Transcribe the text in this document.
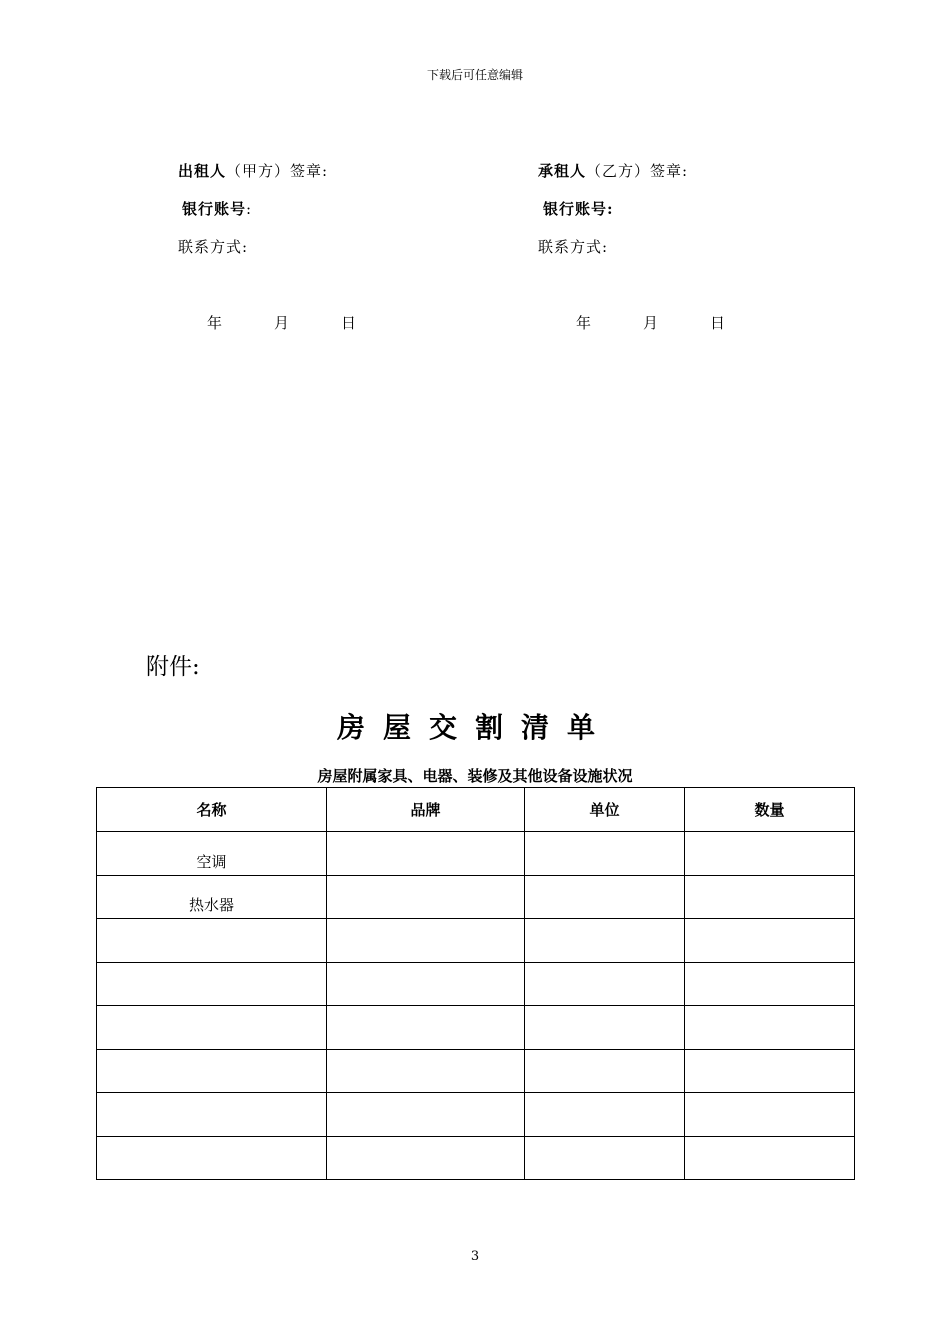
下载后可任意编辑
出租人（甲方）签章:
银行账号:
联系方式:
年	月	日
承租人（乙方）签章:
银行账号:
联系方式:
年	月	日
附件:
房屋交割清单
房屋附属家具、电器、装修及其他设备设施状况
名称	品牌	单位	数量
空调			
热水器			

3
